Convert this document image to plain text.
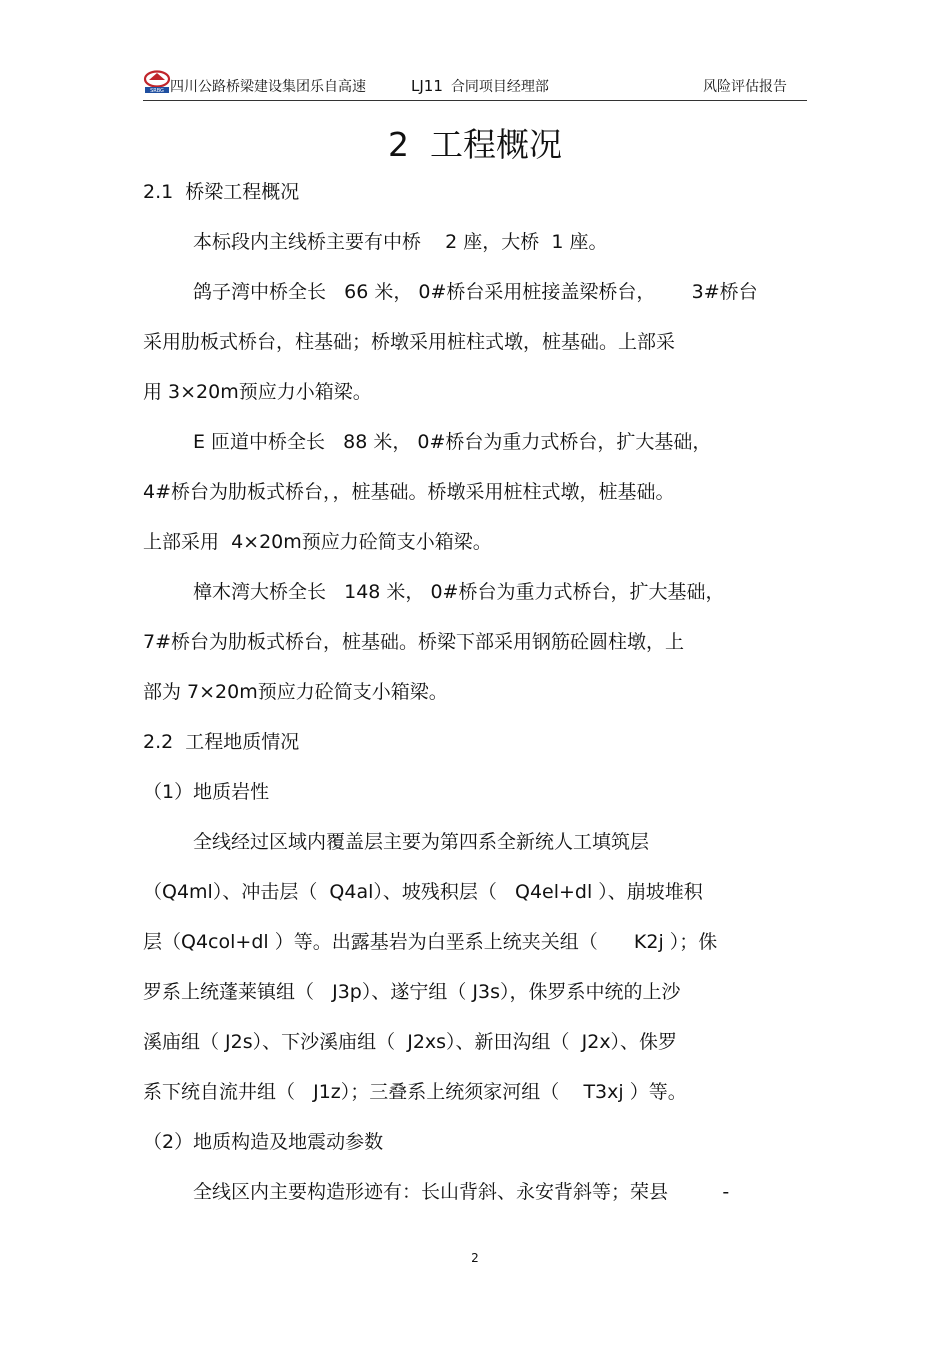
SRBG 四川公路桥梁建设集团乐自高速	LJ11 合同项目经理部	风险评估报告
2  工程概况
2.1  桥梁工程概况
本标段内主线桥主要有中桥    2 座，大桥  1 座。
鸽子湾中桥全长   66 米， 0#桥台采用桩接盖梁桥台，      3#桥台
采用肋板式桥台，柱基础；桥墩采用桩柱式墩，桩基础。上部采
用 3×20m预应力小箱梁。
E 匝道中桥全长   88 米， 0#桥台为重力式桥台，扩大基础，
4#桥台为肋板式桥台，，桩基础。桥墩采用桩柱式墩，桩基础。
上部采用  4×20m预应力砼简支小箱梁。
樟木湾大桥全长   148 米， 0#桥台为重力式桥台，扩大基础，
7#桥台为肋板式桥台，桩基础。桥梁下部采用钢筋砼圆柱墩，上
部为 7×20m预应力砼简支小箱梁。
2.2  工程地质情况
（1）地质岩性
全线经过区域内覆盖层主要为第四系全新统人工填筑层
（Q4ml）、冲击层（  Q4al）、坡残积层（   Q4el+dl ）、崩坡堆积
层（Q4col+dl ）等。出露基岩为白垩系上统夹关组（      K2j ）；侏
罗系上统蓬莱镇组（   J3p）、遂宁组（ J3s），侏罗系中统的上沙
溪庙组（ J2s）、下沙溪庙组（  J2xs）、新田沟组（  J2x）、侏罗
系下统自流井组（   J1z）；三叠系上统须家河组（    T3xj ）等。
（2）地质构造及地震动参数
全线区内主要构造形迹有：长山背斜、永安背斜等；荣县         -
2
